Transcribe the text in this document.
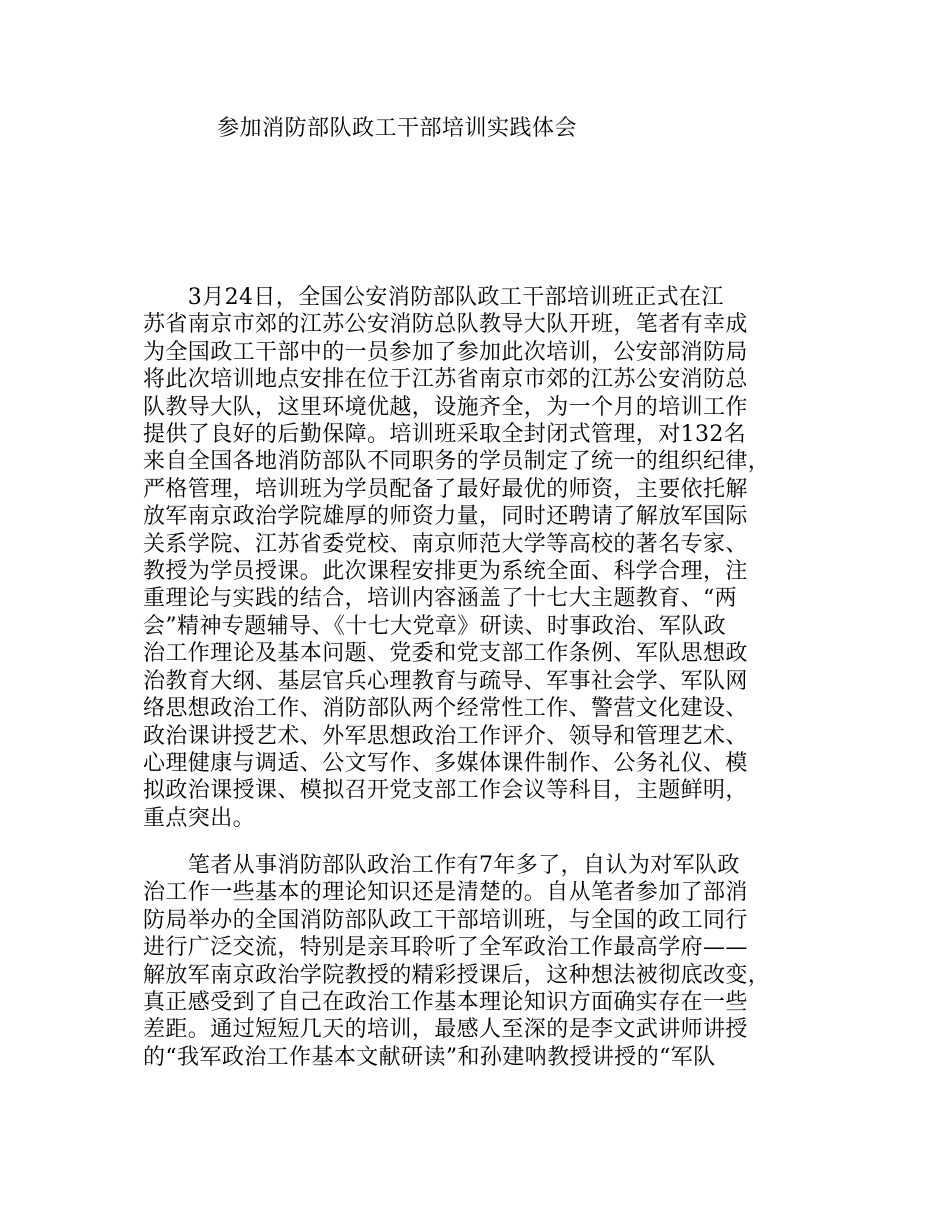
参加消防部队政工干部培训实践体会
　　3月24日，全国公安消防部队政工干部培训班正式在江
苏省南京市郊的江苏公安消防总队教导大队开班，笔者有幸成
为全国政工干部中的一员参加了参加此次培训，公安部消防局
将此次培训地点安排在位于江苏省南京市郊的江苏公安消防总
队教导大队，这里环境优越，设施齐全，为一个月的培训工作
提供了良好的后勤保障。培训班采取全封闭式管理，对132名
来自全国各地消防部队不同职务的学员制定了统一的组织纪律，
严格管理，培训班为学员配备了最好最优的师资，主要依托解
放军南京政治学院雄厚的师资力量，同时还聘请了解放军国际
关系学院、江苏省委党校、南京师范大学等高校的著名专家、
教授为学员授课。此次课程安排更为系统全面、科学合理，注
重理论与实践的结合，培训内容涵盖了十七大主题教育、“两
会”精神专题辅导、《十七大党章》研读、时事政治、军队政
治工作理论及基本问题、党委和党支部工作条例、军队思想政
治教育大纲、基层官兵心理教育与疏导、军事社会学、军队网
络思想政治工作、消防部队两个经常性工作、警营文化建设、
政治课讲授艺术、外军思想政治工作评介、领导和管理艺术、
心理健康与调适、公文写作、多媒体课件制作、公务礼仪、模
拟政治课授课、模拟召开党支部工作会议等科目，主题鲜明，
重点突出。
　　笔者从事消防部队政治工作有7年多了，自认为对军队政
治工作一些基本的理论知识还是清楚的。自从笔者参加了部消
防局举办的全国消防部队政工干部培训班，与全国的政工同行
进行广泛交流，特别是亲耳聆听了全军政治工作最高学府——
解放军南京政治学院教授的精彩授课后，这种想法被彻底改变，
真正感受到了自己在政治工作基本理论知识方面确实存在一些
差距。通过短短几天的培训，最感人至深的是李文武讲师讲授
的“我军政治工作基本文献研读”和孙建呐教授讲授的“军队
